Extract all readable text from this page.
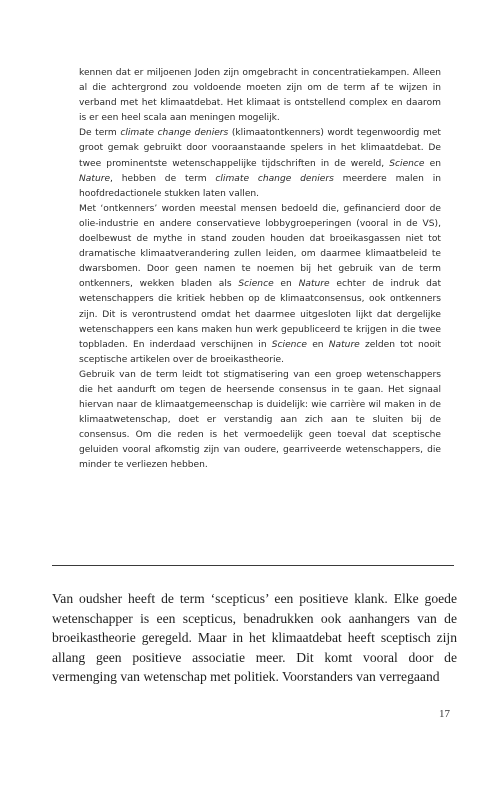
kennen dat er miljoenen Joden zijn omgebracht in concentratiekampen. Alleen al die achtergrond zou voldoende moeten zijn om de term af te wijzen in verband met het klimaatdebat. Het klimaat is ontstellend complex en daarom is er een heel scala aan meningen mogelijk.

De term climate change deniers (klimaatontkenners) wordt tegenwoordig met groot gemak gebruikt door vooraanstaande spelers in het klimaatdebat. De twee prominentste wetenschappelijke tijdschriften in de wereld, Science en Nature, hebben de term climate change deniers meerdere malen in hoofdredactionele stukken laten vallen.

Met ‘ontkenners’ worden meestal mensen bedoeld die, gefinancierd door de olie-industrie en andere conservatieve lobbygroeperingen (vooral in de VS), doelbewust de mythe in stand zouden houden dat broeikasgassen niet tot dramatische klimaatverandering zullen leiden, om daarmee klimaatbeleid te dwarsbomen. Door geen namen te noemen bij het gebruik van de term ontkenners, wekken bladen als Science en Nature echter de indruk dat wetenschappers die kritiek hebben op de klimaatconsensus, ook ontkenners zijn. Dit is verontrustend omdat het daarmee uitgesloten lijkt dat dergelijke wetenschappers een kans maken hun werk gepubliceerd te krijgen in die twee topbladen. En inderdaad verschijnen in Science en Nature zelden tot nooit sceptische artikelen over de broeikastheorie.

Gebruik van de term leidt tot stigmatisering van een groep wetenschappers die het aandurft om tegen de heersende consensus in te gaan. Het signaal hiervan naar de klimaatgemeenschap is duidelijk: wie carrière wil maken in de klimaatwetenschap, doet er verstandig aan zich aan te sluiten bij de consensus. Om die reden is het vermoedelijk geen toeval dat sceptische geluiden vooral afkomstig zijn van oudere, gearriveerde wetenschappers, die minder te verliezen hebben.

Van oudsher heeft de term ‘scepticus’ een positieve klank. Elke goede wetenschapper is een scepticus, benadrukken ook aanhangers van de broeikastheorie geregeld. Maar in het klimaatdebat heeft sceptisch zijn allang geen positieve associatie meer. Dit komt vooral door de vermenging van wetenschap met politiek. Voorstanders van verregaand

17
